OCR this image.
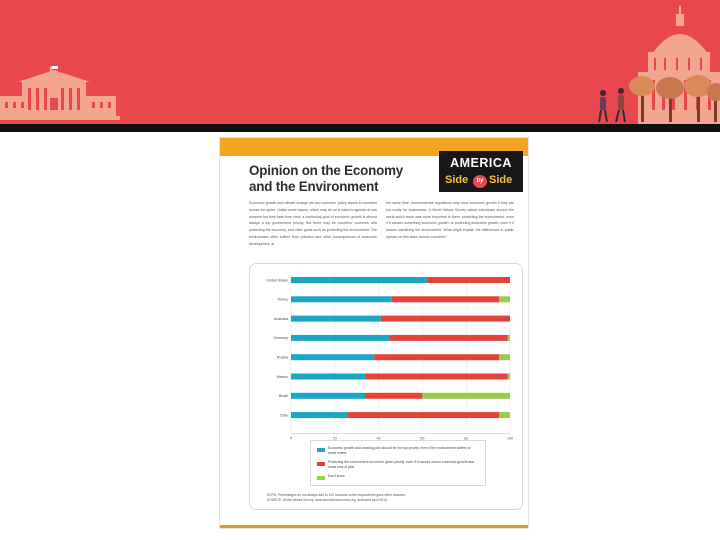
Opinion on the Economy
and the Environment
AMERICA
Side	by Side
Economic growth and climate change are two countries' policy issues in countries across the globe. Unlike some issues, which may be on a nation's agenda at one moment but then fade from view, a continuing goal of economic growth is almost always a top government priority. But there may be countries' concerns with protecting the economy, and other goals such as protecting the environment. The environment often suffers from pollution and other consequences of economic development, at
the same time, environmental regulations may slow economic growth if they are too costly for businesses. A World Values Survey asked individuals around the world which issue was more important to them: protecting the environment, even if it causes something economic growth, or protecting economic growth, even if it means sacrificing the environment. What might explain the differences in public opinion on this issue across countries?
0	20	40	60	80	100
United States
Turkey
Australia
Germany
Russia
Mexico
Brazil
Chile
Economic growth and creating jobs should be the top priority, even if the environment suffers to some extent
Protecting the environment should be given priority, even if it causes slower economic growth and some loss of jobs
Don't know
NOTE: Percentages do not always add to 100 because some respondents gave other answers.
SOURCE: World Values Survey, www.worldvaluessurvey.org, accessed April 2016.
